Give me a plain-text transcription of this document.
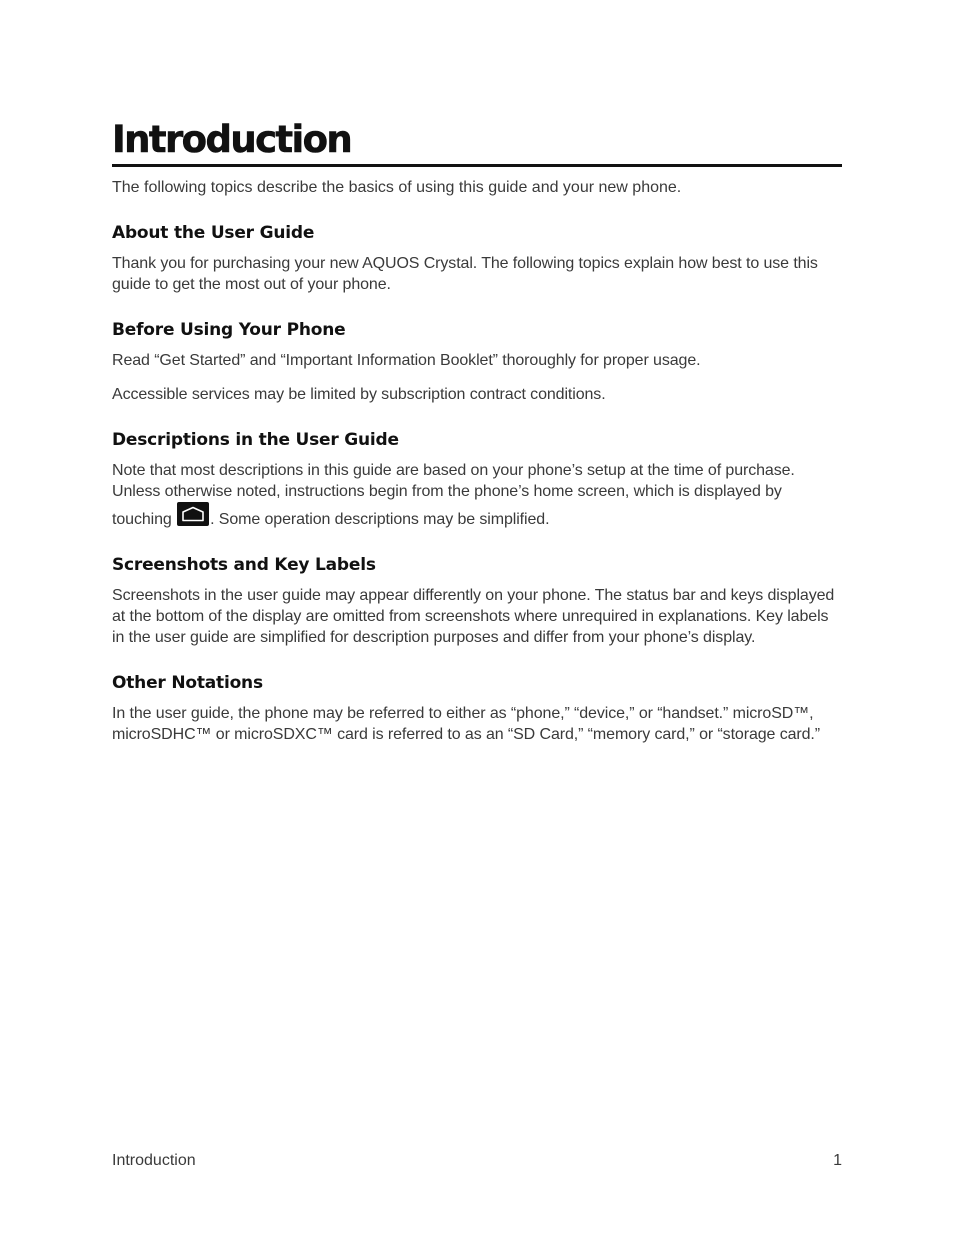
Introduction

The following topics describe the basics of using this guide and your new phone.

About the User Guide

Thank you for purchasing your new AQUOS Crystal. The following topics explain how best to use this guide to get the most out of your phone.

Before Using Your Phone

Read “Get Started” and “Important Information Booklet” thoroughly for proper usage.

Accessible services may be limited by subscription contract conditions.

Descriptions in the User Guide

Note that most descriptions in this guide are based on your phone’s setup at the time of purchase. Unless otherwise noted, instructions begin from the phone’s home screen, which is displayed by touching . Some operation descriptions may be simplified.

Screenshots and Key Labels

Screenshots in the user guide may appear differently on your phone. The status bar and keys displayed at the bottom of the display are omitted from screenshots where unrequired in explanations. Key labels in the user guide are simplified for description purposes and differ from your phone’s display.

Other Notations

In the user guide, the phone may be referred to either as “phone,” “device,” or “handset.” microSD™, microSDHC™ or microSDXC™ card is referred to as an “SD Card,” “memory card,” or “storage card.”

Introduction	1
